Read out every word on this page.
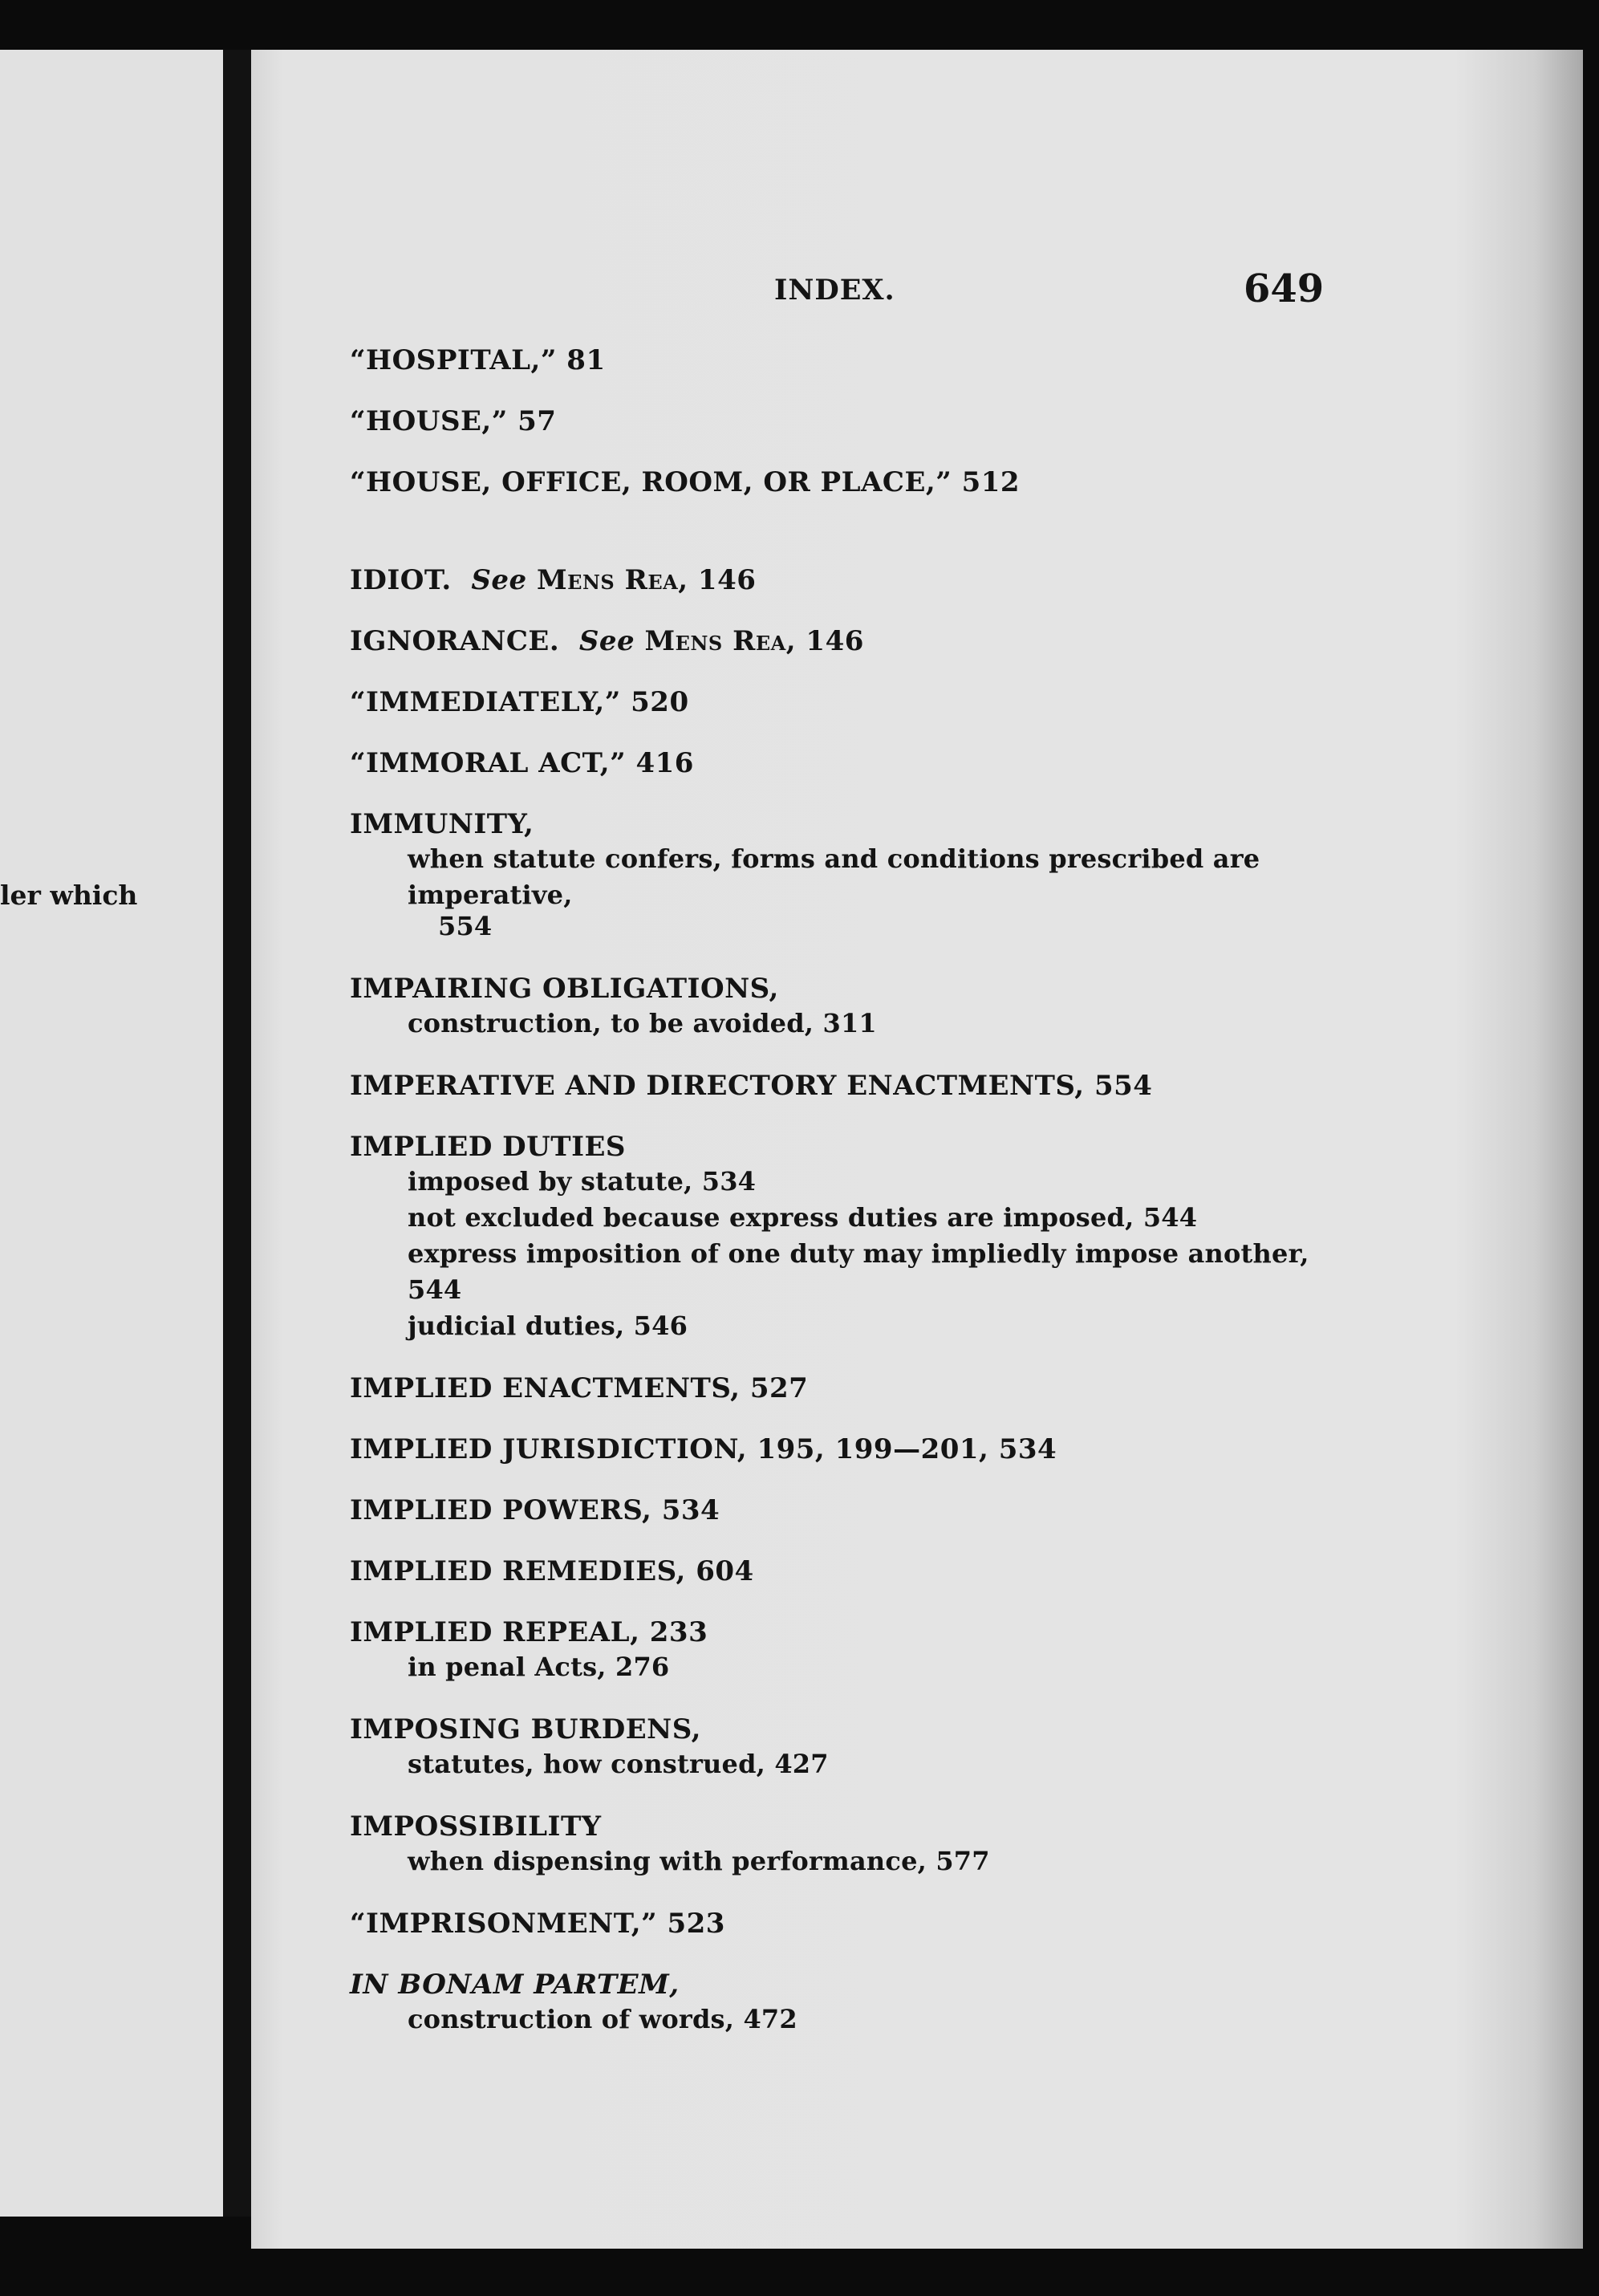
ler which
INDEX.	649
“HOSPITAL,” 81
“HOUSE,” 57
“HOUSE, OFFICE, ROOM, OR PLACE,” 512
IDIOT. See Mens Rea, 146
IGNORANCE. See Mens Rea, 146
“IMMEDIATELY,” 520
“IMMORAL ACT,” 416
IMMUNITY,
when statute confers, forms and conditions prescribed are imperative,
554
IMPAIRING OBLIGATIONS,
construction, to be avoided, 311
IMPERATIVE AND DIRECTORY ENACTMENTS, 554
IMPLIED DUTIES
imposed by statute, 534
not excluded because express duties are imposed, 544
express imposition of one duty may impliedly impose another, 544
judicial duties, 546
IMPLIED ENACTMENTS, 527
IMPLIED JURISDICTION, 195, 199—201, 534
IMPLIED POWERS, 534
IMPLIED REMEDIES, 604
IMPLIED REPEAL, 233
in penal Acts, 276
IMPOSING BURDENS,
statutes, how construed, 427
IMPOSSIBILITY
when dispensing with performance, 577
“IMPRISONMENT,” 523
IN BONAM PARTEM,
construction of words, 472
